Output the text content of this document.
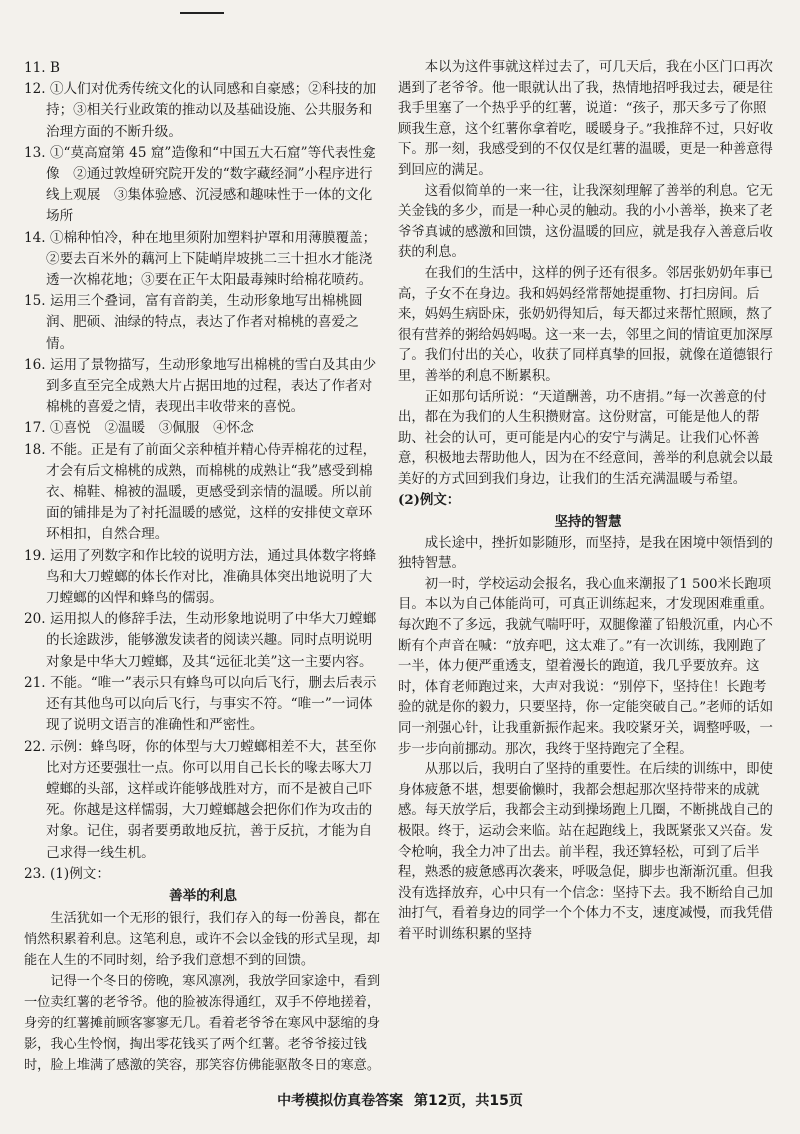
11. B

12. ①人们对优秀传统文化的认同感和自豪感；②科技的加持；③相关行业政策的推动以及基础设施、公共服务和治理方面的不断升级。

13. ①“莫高窟第 45 窟”造像和“中国五大石窟”等代表性龛像　②通过敦煌研究院开发的“数字藏经洞”小程序进行线上观展　③集体验感、沉浸感和趣味性于一体的文化场所

14. ①棉种怕冷，种在地里须附加塑料护罩和用薄膜覆盖；②要去百米外的藕河上下陡峭岸坡挑二三十担水才能浇透一次棉花地；③要在正午太阳最毒辣时给棉花喷药。

15. 运用三个叠词，富有音韵美，生动形象地写出棉桃圆润、肥硕、油绿的特点，表达了作者对棉桃的喜爱之情。

16. 运用了景物描写，生动形象地写出棉桃的雪白及其由少到多直至完全成熟大片占据田地的过程，表达了作者对棉桃的喜爱之情，表现出丰收带来的喜悦。

17. ①喜悦　②温暖　③佩服　④怀念

18. 不能。正是有了前面父亲种植并精心侍弄棉花的过程，才会有后文棉桃的成熟，而棉桃的成熟让“我”感受到棉衣、棉鞋、棉被的温暖，更感受到亲情的温暖。所以前面的铺排是为了衬托温暖的感觉，这样的安排使文章环环相扣，自然合理。

19. 运用了列数字和作比较的说明方法，通过具体数字将蜂鸟和大刀螳螂的体长作对比，准确具体突出地说明了大刀螳螂的凶悍和蜂鸟的儒弱。

20. 运用拟人的修辞手法，生动形象地说明了中华大刀螳螂的长途跋涉，能够激发读者的阅读兴趣。同时点明说明对象是中华大刀螳螂，及其“远征北美”这一主要内容。

21. 不能。“唯一”表示只有蜂鸟可以向后飞行，删去后表示还有其他鸟可以向后飞行，与事实不符。“唯一”一词体现了说明文语言的准确性和严密性。

22. 示例：蜂鸟呀，你的体型与大刀螳螂相差不大，甚至你比对方还要强壮一点。你可以用自己长长的喙去啄大刀螳螂的头部，这样或许能够战胜对方，而不是被自己吓死。你越是这样懦弱，大刀螳螂越会把你们作为攻击的对象。记住，弱者要勇敢地反抗，善于反抗，才能为自己求得一线生机。

23. (1)例文：

善举的利息

生活犹如一个无形的银行，我们存入的每一份善良，都在悄然积累着利息。这笔利息，或许不会以金钱的形式呈现，却能在人生的不同时刻，给予我们意想不到的回馈。

记得一个冬日的傍晚，寒风凛冽，我放学回家途中，看到一位卖红薯的老爷爷。他的脸被冻得通红，双手不停地搓着，身旁的红薯摊前顾客寥寥无几。看着老爷爷在寒风中瑟缩的身影，我心生怜悯，掏出零花钱买了两个红薯。老爷爷接过钱时，脸上堆满了感激的笑容，那笑容仿佛能驱散冬日的寒意。

本以为这件事就这样过去了，可几天后，我在小区门口再次遇到了老爷爷。他一眼就认出了我，热情地招呼我过去，硬是往我手里塞了一个热乎乎的红薯，说道：“孩子，那天多亏了你照顾我生意，这个红薯你拿着吃，暖暖身子。”我推辞不过，只好收下。那一刻，我感受到的不仅仅是红薯的温暖，更是一种善意得到回应的满足。

这看似简单的一来一往，让我深刻理解了善举的利息。它无关金钱的多少，而是一种心灵的触动。我的小小善举，换来了老爷爷真诚的感激和回馈，这份温暖的回应，就是我存入善意后收获的利息。

在我们的生活中，这样的例子还有很多。邻居张奶奶年事已高，子女不在身边。我和妈妈经常帮她提重物、打扫房间。后来，妈妈生病卧床，张奶奶得知后，每天都过来帮忙照顾，熬了很有营养的粥给妈妈喝。这一来一去，邻里之间的情谊更加深厚了。我们付出的关心，收获了同样真挚的回报，就像在道德银行里，善举的利息不断累积。

正如那句话所说：“天道酬善，功不唐捐。”每一次善意的付出，都在为我们的人生积攒财富。这份财富，可能是他人的帮助、社会的认可，更可能是内心的安宁与满足。让我们心怀善意，积极地去帮助他人，因为在不经意间，善举的利息就会以最美好的方式回到我们身边，让我们的生活充满温暖与希望。

(2)例文：

坚持的智慧

成长途中，挫折如影随形，而坚持，是我在困境中领悟到的独特智慧。

初一时，学校运动会报名，我心血来潮报了1 500米长跑项目。本以为自己体能尚可，可真正训练起来，才发现困难重重。每次跑不了多远，我就气喘吁吁，双腿像灌了铅般沉重，内心不断有个声音在喊：“放弃吧，这太难了。”有一次训练，我刚跑了一半，体力便严重透支，望着漫长的跑道，我几乎要放弃。这时，体育老师跑过来，大声对我说：“别停下，坚持住！长跑考验的就是你的毅力，只要坚持，你一定能突破自己。”老师的话如同一剂强心针，让我重新振作起来。我咬紧牙关，调整呼吸，一步一步向前挪动。那次，我终于坚持跑完了全程。

从那以后，我明白了坚持的重要性。在后续的训练中，即使身体疲惫不堪，想要偷懒时，我都会想起那次坚持带来的成就感。每天放学后，我都会主动到操场跑上几圈，不断挑战自己的极限。终于，运动会来临。站在起跑线上，我既紧张又兴奋。发令枪响，我全力冲了出去。前半程，我还算轻松，可到了后半程，熟悉的疲惫感再次袭来，呼吸急促，脚步也渐渐沉重。但我没有选择放弃，心中只有一个信念：坚持下去。我不断给自己加油打气，看着身边的同学一个个体力不支，速度减慢，而我凭借着平时训练积累的坚持

中考模拟仿真卷答案 第12页，共15页
